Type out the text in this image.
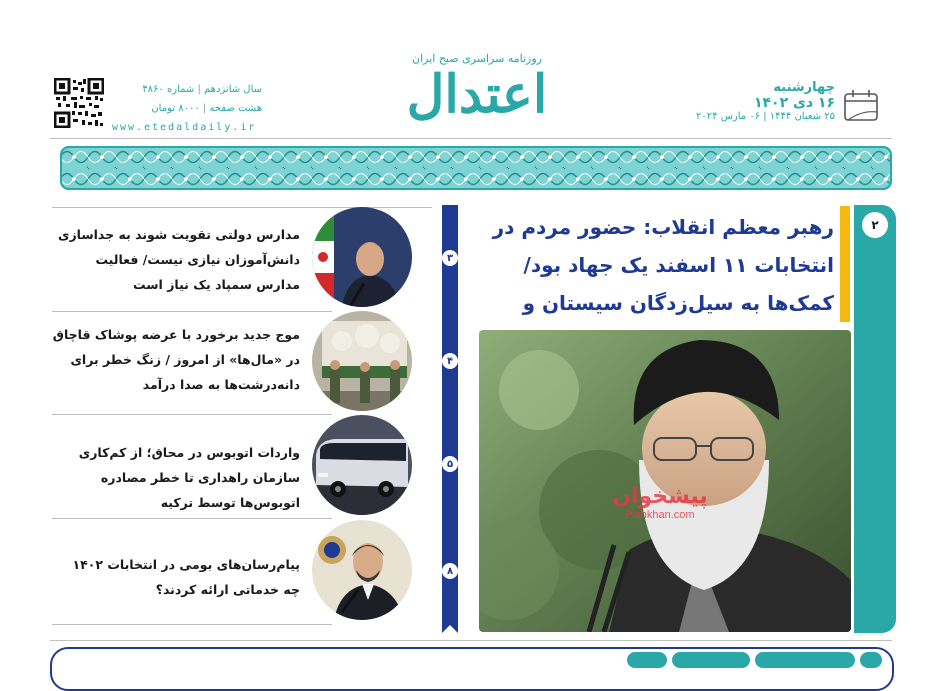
سال شانزدهم | شماره ۴۸۶۰
هشت صفحه | ۸۰۰۰ تومان
www.etedaldaily.ir
روزنامه سراسری صبح ایران
اعتدال	چهارشنبه
۱۶ دی ۱۴۰۲
۲۵ شعبان ۱۴۴۴ | ۰۶ مارس ۲۰۲۴
۲
رهبر معظم انقلاب: حضور مردم در انتخابات ۱۱ اسفند یک جهاد بود/ کمک‌ها به سیل‌زدگان سیستان و
پیشخوان
Pishkhan.com
۳
۴
۵
۸
مدارس دولتی تقویت شوند به جداسازی دانش‌آموزان نیازی نیست/ فعالیت مدارس سمپاد یک نیاز است
موج جدید برخورد با عرضه پوشاک قاچاق در «مال‌ها» از امروز / زنگ خطر برای دانه‌درشت‌ها به صدا درآمد
واردات اتوبوس در محاق؛ از کم‌کاری سازمان راهداری تا خطر مصادره اتوبوس‌ها توسط ترکیه
پیام‌رسان‌های بومی در انتخابات ۱۴۰۲ چه خدماتی ارائه کردند؟
